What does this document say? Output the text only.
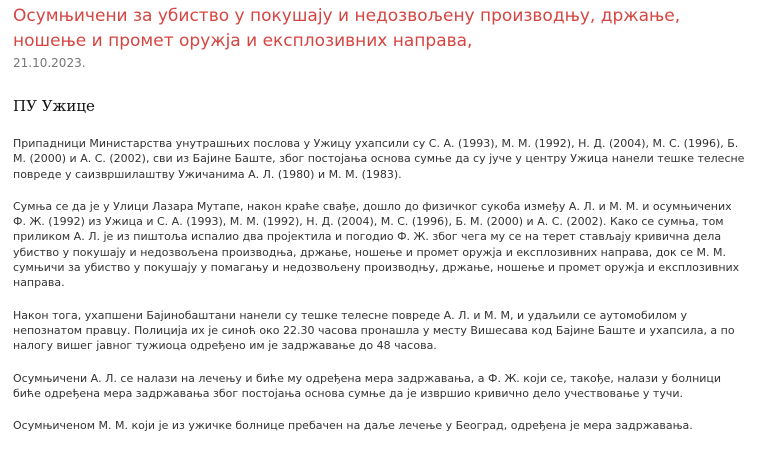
Осумњичени за убиство у покушају и недозвољену производњу, држање, ношење и промет оружја и експлозивних направа,
21.10.2023.
ПУ Ужице

Припадници Министарства унутрашњих послова у Ужицу ухапсили су С. А. (1993), М. М. (1992), Н. Д. (2004), М. С. (1996), Б. М. (2000) и А. С. (2002), сви из Бајине Баште, због постојања основа сумње да су јуче у центру Ужица нанели тешке телесне повреде у саизвршилаштву Ужичанима А. Л. (1980) и М. М. (1983).

Сумња се да је у Улици Лазара Мутапе, након краће свађе, дошло до физичког сукоба између А. Л. и М. М. и осумњичених Ф. Ж. (1992) из Ужица и С. А. (1993), М. М. (1992), Н. Д. (2004), М. С. (1996), Б. М. (2000) и А. С. (2002). Како се сумња, том приликом А. Л. је из пиштоља испалио два пројектила и погодио Ф. Ж. због чега му се на терет стављају кривична дела убиство у покушају и недозвољена производња, држање, ношење и промет оружја и експлозивних направа, док се М. М. сумњичи за убиство у покушају у помагању и недозвољену производњу, држање, ношење и промет оружја и експлозивних направа.

Након тога, ухапшени Бајинобаштани нанели су тешке телесне повреде А. Л. и М. М, и удаљили се аутомобилом у непознатом правцу. Полиција их је синоћ око 22.30 часова пронашла у месту Вишесава код Бајине Баште и ухапсила, а по налогу вишег јавног тужиоца одређено им је задржавање до 48 часова.

Осумњичени А. Л. се налази на лечењу и биће му одређена мера задржавања, а Ф. Ж. који се, такође, налази у болници биће одређена мера задржавања због постојања основа сумње да је извршио кривично дело учествовање у тучи.

Осумњиченом М. М. који је из ужичке болнице пребачен на даље лечење у Београд, одређена је мера задржавања.
